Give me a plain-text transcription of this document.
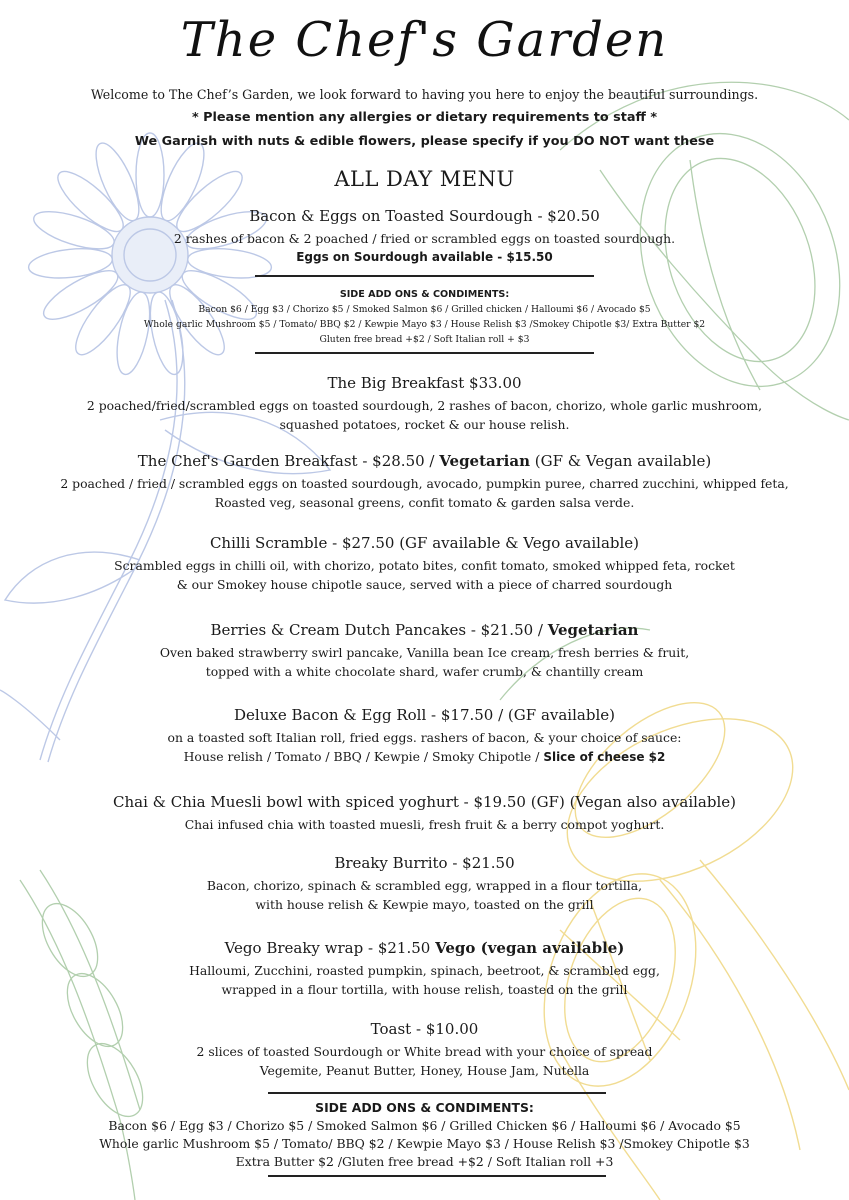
The Chef's Garden
Welcome to The Chef’s Garden, we look forward to having you here to enjoy the beautiful surroundings.
* Please mention any allergies or dietary requirements to staff *
We Garnish with nuts & edible flowers, please specify if you DO NOT want these
ALL DAY MENU
Bacon & Eggs on Toasted Sourdough - $20.50
2 rashes of bacon & 2 poached / fried or scrambled eggs on toasted sourdough.
Eggs on Sourdough available - $15.50
SIDE ADD ONS & CONDIMENTS:
Bacon $6 / Egg $3 / Chorizo $5 / Smoked Salmon $6 / Grilled chicken / Halloumi $6 / Avocado $5
Whole garlic Mushroom $5 / Tomato/ BBQ $2 / Kewpie Mayo $3 / House Relish $3 /Smokey Chipotle $3/ Extra Butter $2
Gluten free bread +$2 / Soft Italian roll + $3
The Big Breakfast $33.00
2 poached/fried/scrambled eggs on toasted sourdough, 2 rashes of bacon, chorizo, whole garlic mushroom,
squashed potatoes, rocket & our house relish.
The Chef's Garden Breakfast - $28.50 / Vegetarian (GF & Vegan available)
2 poached / fried / scrambled eggs on toasted sourdough, avocado, pumpkin puree, charred zucchini, whipped feta,
Roasted veg, seasonal greens, confit tomato & garden salsa verde.
Chilli Scramble - $27.50 (GF available & Vego available)
Scrambled eggs in chilli oil, with chorizo, potato bites, confit tomato, smoked whipped feta, rocket
& our Smokey house chipotle sauce, served with a piece of charred sourdough
Berries & Cream Dutch Pancakes - $21.50 / Vegetarian
Oven baked strawberry swirl pancake, Vanilla bean Ice cream, fresh berries & fruit,
topped with a white chocolate shard, wafer crumb, & chantilly cream
Deluxe Bacon & Egg Roll - $17.50 / (GF available)
on a toasted soft Italian roll, fried eggs. rashers of bacon, & your choice of sauce:
House relish / Tomato / BBQ / Kewpie / Smoky Chipotle / Slice of cheese $2
Chai & Chia Muesli bowl with spiced yoghurt - $19.50 (GF) (Vegan also available)
Chai infused chia with toasted muesli, fresh fruit & a berry compot yoghurt.
Breaky Burrito - $21.50
Bacon, chorizo, spinach & scrambled egg, wrapped in a flour tortilla,
with house relish & Kewpie mayo, toasted on the grill
Vego Breaky wrap - $21.50 Vego (vegan available)
Halloumi, Zucchini, roasted pumpkin, spinach, beetroot, & scrambled egg,
wrapped in a flour tortilla, with house relish, toasted on the grill
Toast - $10.00
2 slices of toasted Sourdough or White bread with your choice of spread
Vegemite, Peanut Butter, Honey, House Jam, Nutella
SIDE ADD ONS & CONDIMENTS:
Bacon $6 / Egg $3 / Chorizo $5 / Smoked Salmon $6 / Grilled Chicken $6 / Halloumi $6 / Avocado $5
Whole garlic Mushroom $5 / Tomato/ BBQ $2 / Kewpie Mayo $3 / House Relish $3 /Smokey Chipotle $3
Extra Butter $2 /Gluten free bread +$2 / Soft Italian roll +3
